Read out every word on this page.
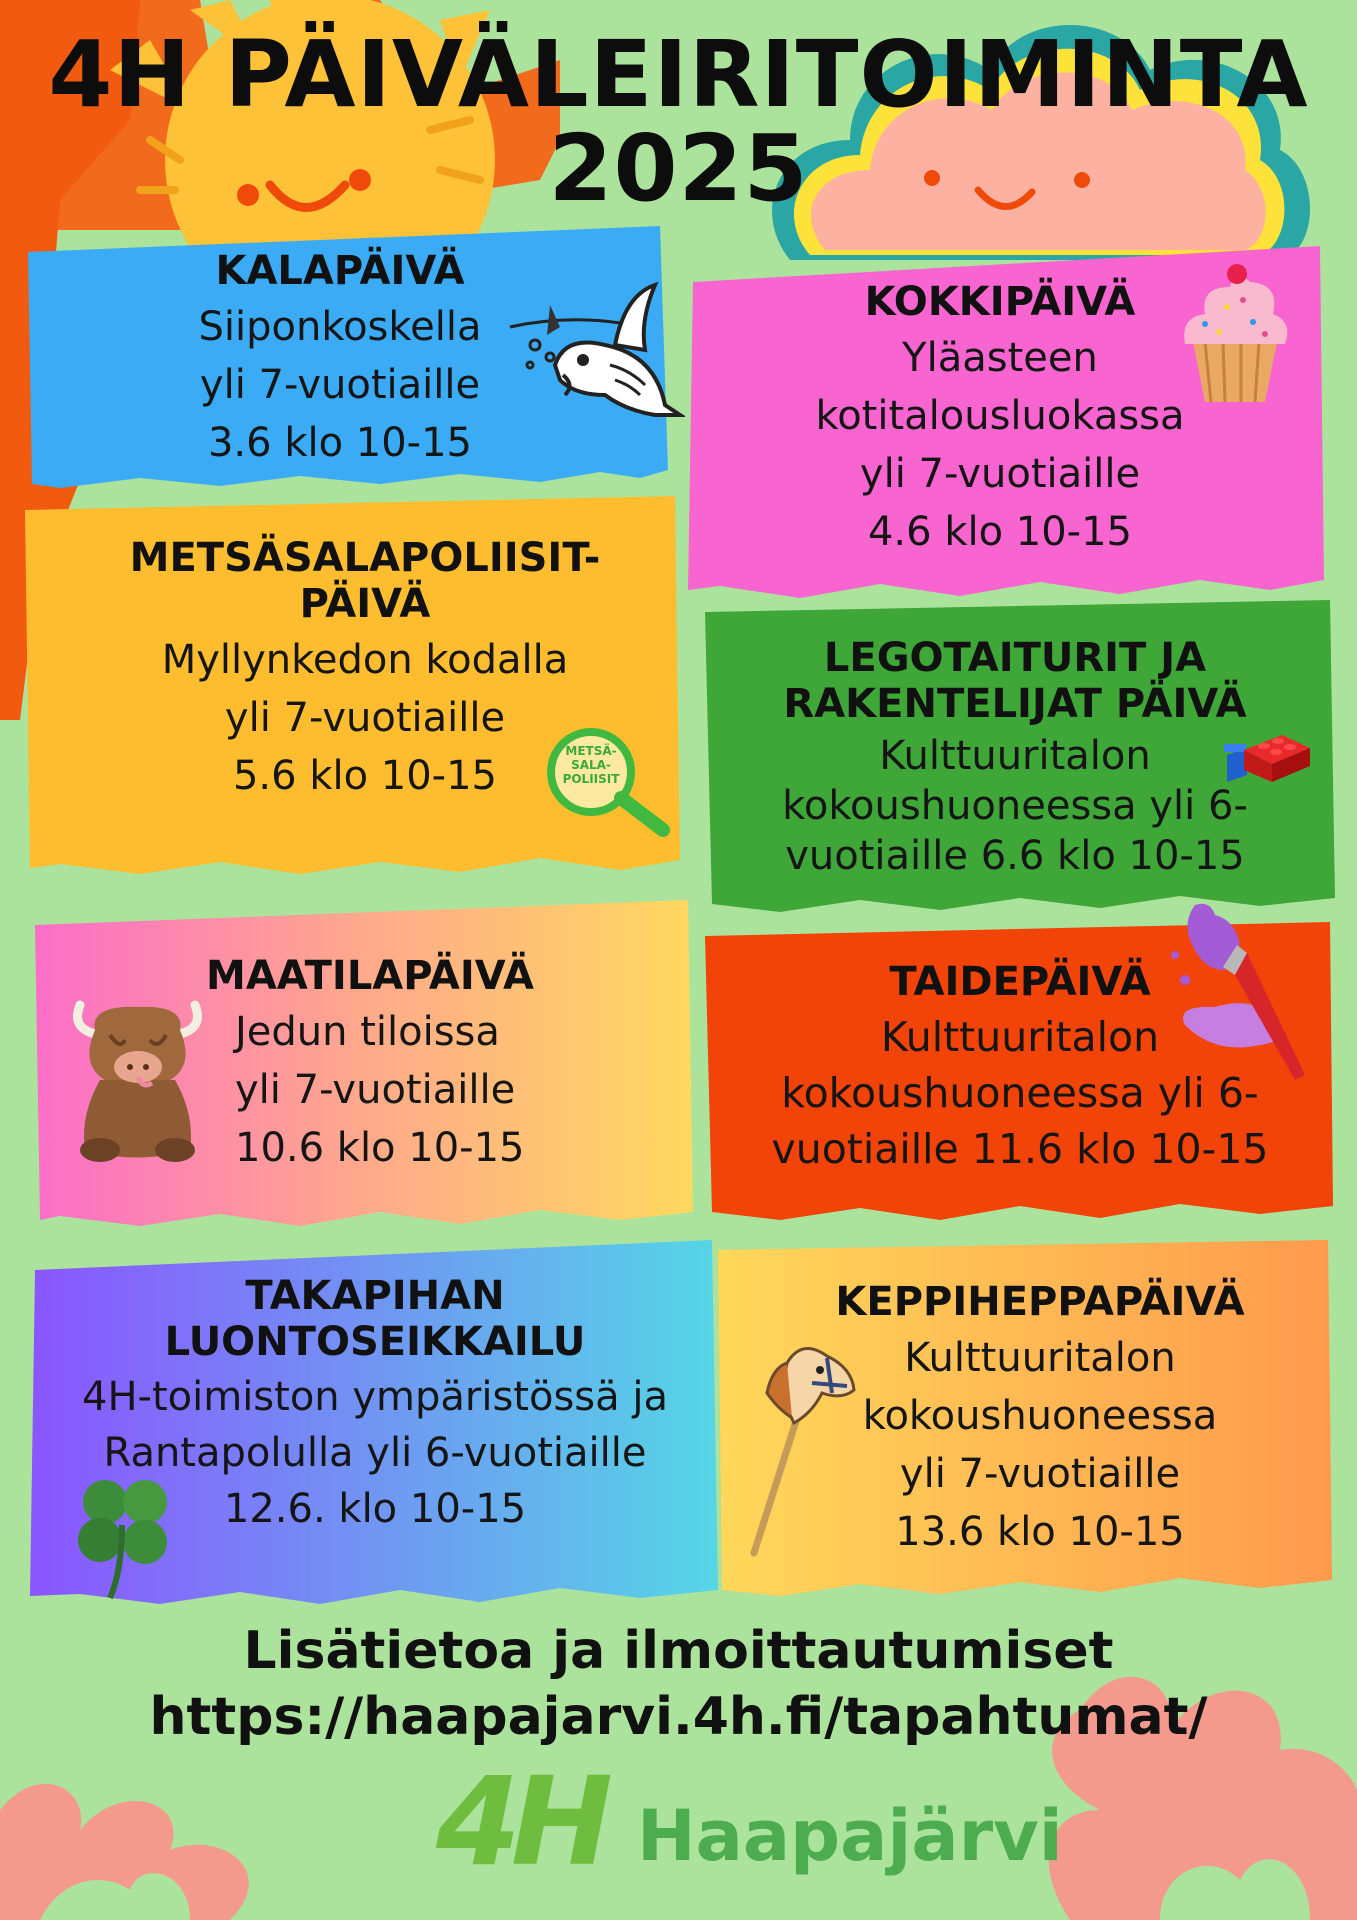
4H PÄIVÄLEIRITOIMINTA
2025
KALAPÄIVÄ

Siiponkoskella
yli 7-vuotiaille
3.6 klo 10-15

KOKKIPÄIVÄ

Yläasteen
kotitalousluokassa
yli 7-vuotiaille
4.6 klo 10-15

METSÄSALAPOLIISIT-
PÄIVÄ

Myllynkedon kodalla
yli 7-vuotiaille
5.6 klo 10-15

METSÄ-
SALA-
POLIISIT
LEGOTAITURIT JA
RAKENTELIJAT PÄIVÄ

Kulttuuritalon
kokoushuoneessa yli 6-
vuotiaille 6.6 klo 10-15

MAATILAPÄIVÄ

Jedun tiloissa
yli 7-vuotiaille
10.6 klo 10-15

TAIDEPÄIVÄ

Kulttuuritalon
kokoushuoneessa yli 6-
vuotiaille 11.6 klo 10-15

TAKAPIHAN
LUONTOSEIKKAILU

4H-toimiston ympäristössä ja
Rantapolulla yli 6-vuotiaille
12.6. klo 10-15

KEPPIHEPPAPÄIVÄ

Kulttuuritalon
kokoushuoneessa
yli 7-vuotiaille
13.6 klo 10-15

Lisätietoa ja ilmoittautumiset
https://haapajarvi.4h.fi/tapahtumat/
4H Haapajärvi
